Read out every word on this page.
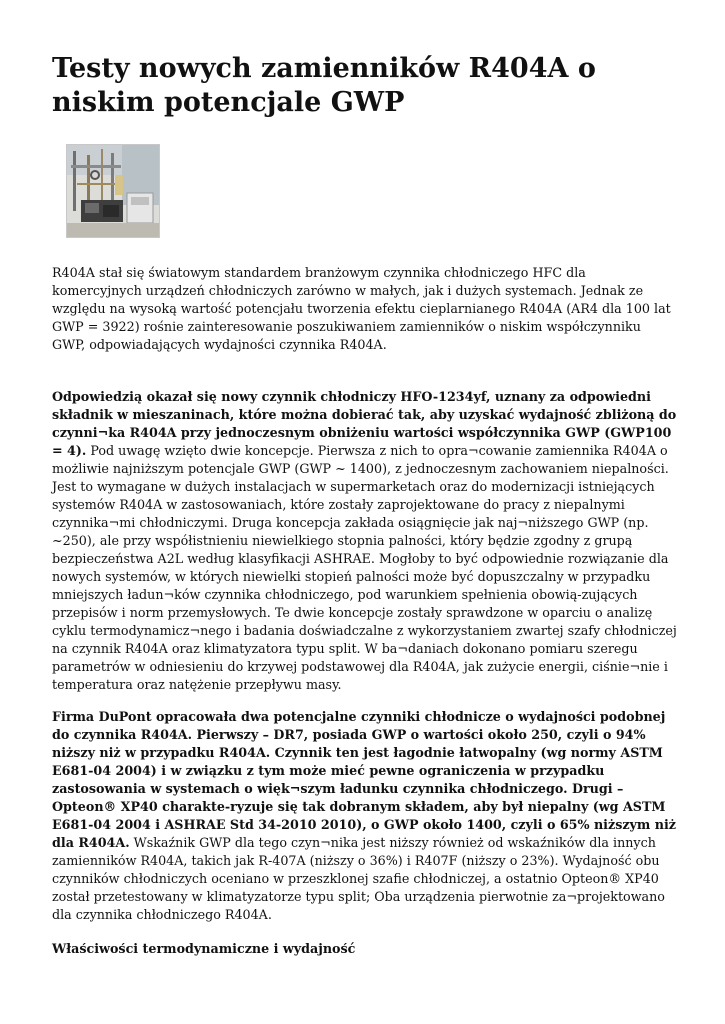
Testy nowych zamienników R404A o niskim potencjale GWP

R404A stał się światowym standardem branżowym czynnika chłodniczego HFC dla komercyjnych urządzeń chłodniczych zarówno w małych, jak i dużych systemach. Jednak ze względu na wysoką wartość potencjału tworzenia efektu cieplarnianego R404A (AR4 dla 100 lat GWP = 3922) rośnie zainteresowanie poszukiwaniem zamienników o niskim współczynniku GWP, odpowiadających wydajności czynnika R404A.

Odpowiedzią okazał się nowy czynnik chłodniczy HFO-1234yf, uznany za odpowiedni składnik w mieszaninach, które można dobierać tak, aby uzyskać wydajność zbliżoną do czynni¬ka R404A przy jednoczesnym obniżeniu wartości współczynnika GWP (GWP100 = 4). Pod uwagę wzięto dwie koncepcje. Pierwsza z nich to opra¬cowanie zamiennika R404A o możliwie najniższym potencjale GWP (GWP ~ 1400), z jednoczesnym zachowaniem niepalności. Jest to wymagane w dużych instalacjach w supermarketach oraz do modernizacji istniejących systemów R404A w zastosowaniach, które zostały zaprojektowane do pracy z niepalnymi czynnika¬mi chłodniczymi. Druga koncepcja zakłada osiągnięcie jak naj¬niższego GWP (np. ~250), ale przy współistnieniu niewielkiego stopnia palności, który będzie zgodny z grupą bezpieczeństwa A2L według klasyfikacji ASHRAE. Mogłoby to być odpowiednie rozwiązanie dla nowych systemów, w których niewielki stopień palności może być dopuszczalny w przypadku mniejszych ładun¬ków czynnika chłodniczego, pod warunkiem spełnienia obowią-zujących przepisów i norm przemysłowych. Te dwie koncepcje zostały sprawdzone w oparciu o analizę cyklu termodynamicz¬nego i badania doświadczalne z wykorzystaniem zwartej szafy chłodniczej na czynnik R404A oraz klimatyzatora typu split. W ba¬daniach dokonano pomiaru szeregu parametrów w odniesieniu do krzywej podstawowej dla R404A, jak zużycie energii, ciśnie¬nie i temperatura oraz natężenie przepływu masy.

Firma DuPont opracowała dwa potencjalne czynniki chłodnicze o wydajności podobnej do czynnika R404A. Pierwszy – DR7, posiada GWP o wartości około 250, czyli o 94% niższy niż w przypadku R404A. Czynnik ten jest łagodnie łatwopalny (wg normy ASTM E681-04 2004) i w związku z tym może mieć pewne ograniczenia w przypadku zastosowania w systemach o więk¬szym ładunku czynnika chłodniczego. Drugi – Opteon® XP40 charakte-ryzuje się tak dobranym składem, aby był niepalny (wg ASTM E681-04 2004 i ASHRAE Std 34-2010 2010), o GWP około 1400, czyli o 65% niższym niż dla R404A. Wskaźnik GWP dla tego czyn¬nika jest niższy również od wskaźników dla innych zamienników R404A, takich jak R-407A (niższy o 36%) i R407F (niższy o 23%). Wydajność obu czynników chłodniczych oceniano w przeszklonej szafie chłodniczej, a ostatnio Opteon® XP40 został przetestowany w klimatyzatorze typu split; Oba urządzenia pierwotnie za¬projektowano dla czynnika chłodniczego R404A.

Właściwości termodynamiczne i wydajność
